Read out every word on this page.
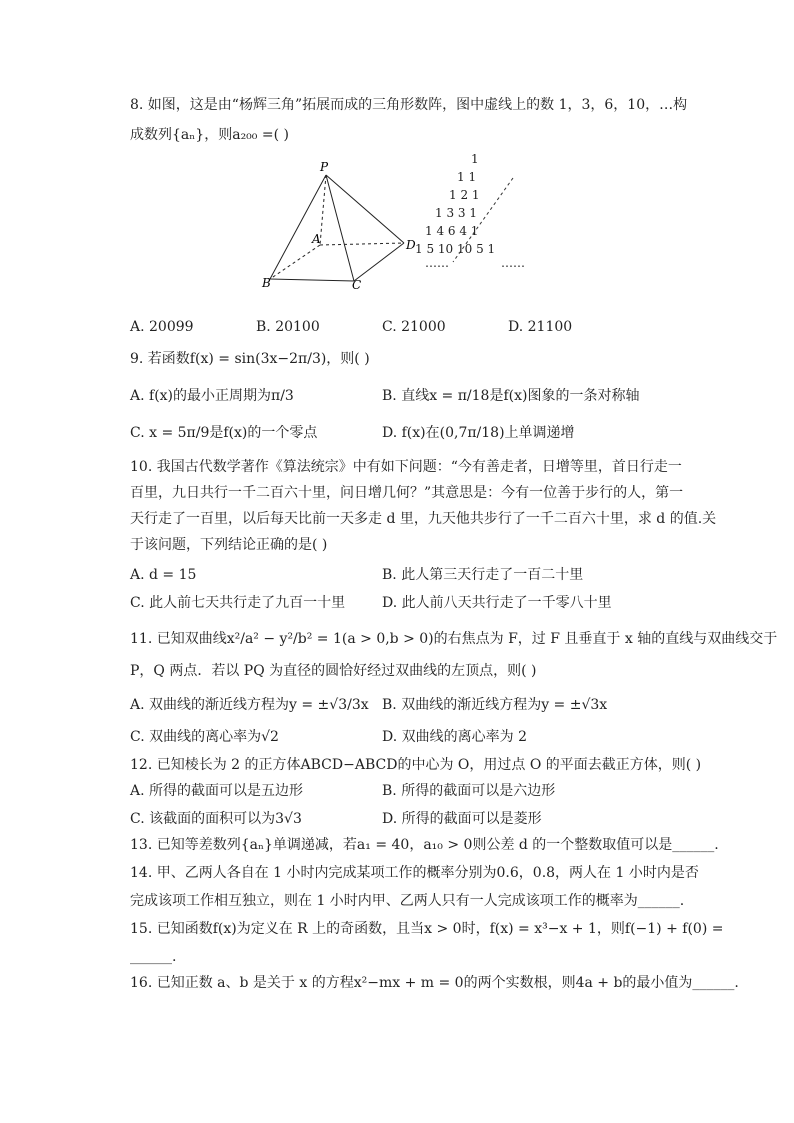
8. 如图，这是由“杨辉三角”拓展而成的三角形数阵，图中虚线上的数 1，3，6，10，…构
成数列{aₙ}，则a₂₀₀ =( )
P
A
B	C
D
1
1 1
1 2 1
1 3 3 1
1 4 6 4 1
1 5 10 10 5 1
……	……
A. 20099	B. 20100	C. 21000	D. 21100
9. 若函数f(x) = sin(3x−2π/3)，则( )
A. f(x)的最小正周期为π/3	B. 直线x = π/18是f(x)图象的一条对称轴
C. x = 5π/9是f(x)的一个零点	D. f(x)在(0,7π/18)上单调递增
10. 我国古代数学著作《算法统宗》中有如下问题：“今有善走者，日增等里，首日行走一
百里，九日共行一千二百六十里，问日增几何？”其意思是：今有一位善于步行的人，第一
天行走了一百里，以后每天比前一天多走 d 里，九天他共步行了一千二百六十里，求 d 的值.关
于该问题，下列结论正确的是( )
A. d = 15	B. 此人第三天行走了一百二十里
C. 此人前七天共行走了九百一十里	D. 此人前八天共行走了一千零八十里
11. 已知双曲线x²/a² − y²/b² = 1(a > 0,b > 0)的右焦点为 F，过 F 且垂直于 x 轴的直线与双曲线交于
P，Q 两点．若以 PQ 为直径的圆恰好经过双曲线的左顶点，则( )
A. 双曲线的渐近线方程为y = ±√3/3x B. 双曲线的渐近线方程为y = ±√3x
C. 双曲线的离心率为√2	D. 双曲线的离心率为 2
12. 已知棱长为 2 的正方体ABCD−ABCD的中心为 O，用过点 O 的平面去截正方体，则( )
A. 所得的截面可以是五边形	B. 所得的截面可以是六边形
C. 该截面的面积可以为3√3	D. 所得的截面可以是菱形
13. 已知等差数列{aₙ}单调递减，若a₁ = 40，a₁₀ > 0则公差 d 的一个整数取值可以是______.
14. 甲、乙两人各自在 1 小时内完成某项工作的概率分别为0.6，0.8，两人在 1 小时内是否
完成该项工作相互独立，则在 1 小时内甲、乙两人只有一人完成该项工作的概率为______.
15. 已知函数f(x)为定义在 R 上的奇函数，且当x > 0时，f(x) = x³−x + 1，则f(−1) + f(0) =
______.
16. 已知正数 a、b 是关于 x 的方程x²−mx + m = 0的两个实数根，则4a + b的最小值为______.
